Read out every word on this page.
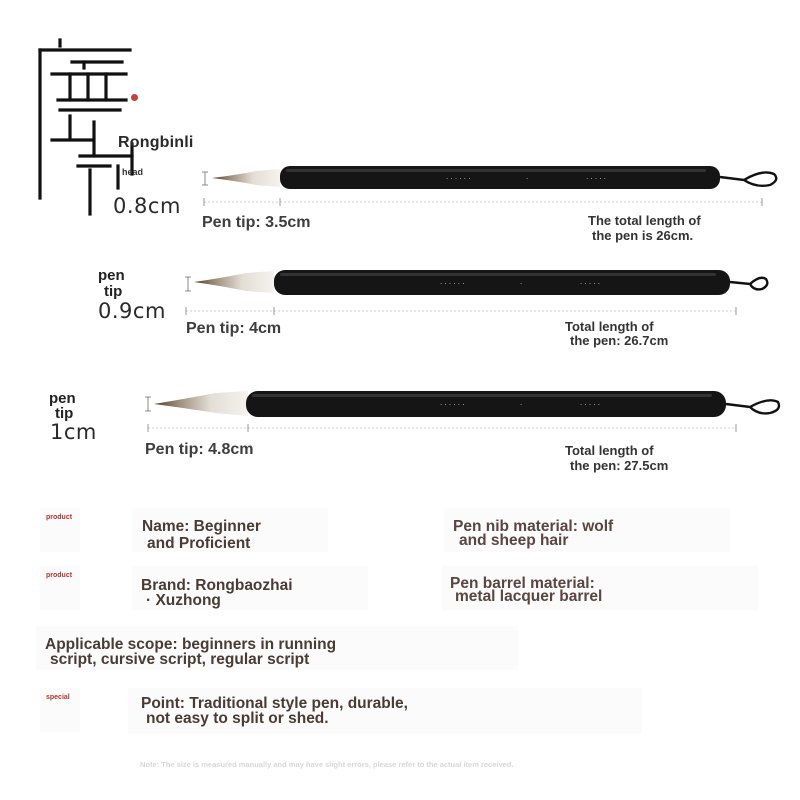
Rongbinli
head
· · · · · ·	·	· · · · ·
0.8cm
Pen tip: 3.5cm	The total length of
the pen is 26cm.
· · · · · ·	·	· · · · ·
pen
tip
0.9cm
Pen tip: 4cm	Total length of
the pen: 26.7cm
· · · · · ·	·	· · · · ·
pen
tip
1cm
Pen tip: 4.8cm	Total length of
the pen: 27.5cm
product
Name: Beginner
and Proficient
Pen nib material: wolf
and sheep hair
product
Brand: Rongbaozhai
· Xuzhong
Pen barrel material:
metal lacquer barrel
Applicable scope: beginners in running
script, cursive script, regular script
special	Point: Traditional style pen, durable,
not easy to split or shed.
Note: The size is measured manually and may have slight errors, please refer to the actual item received.
